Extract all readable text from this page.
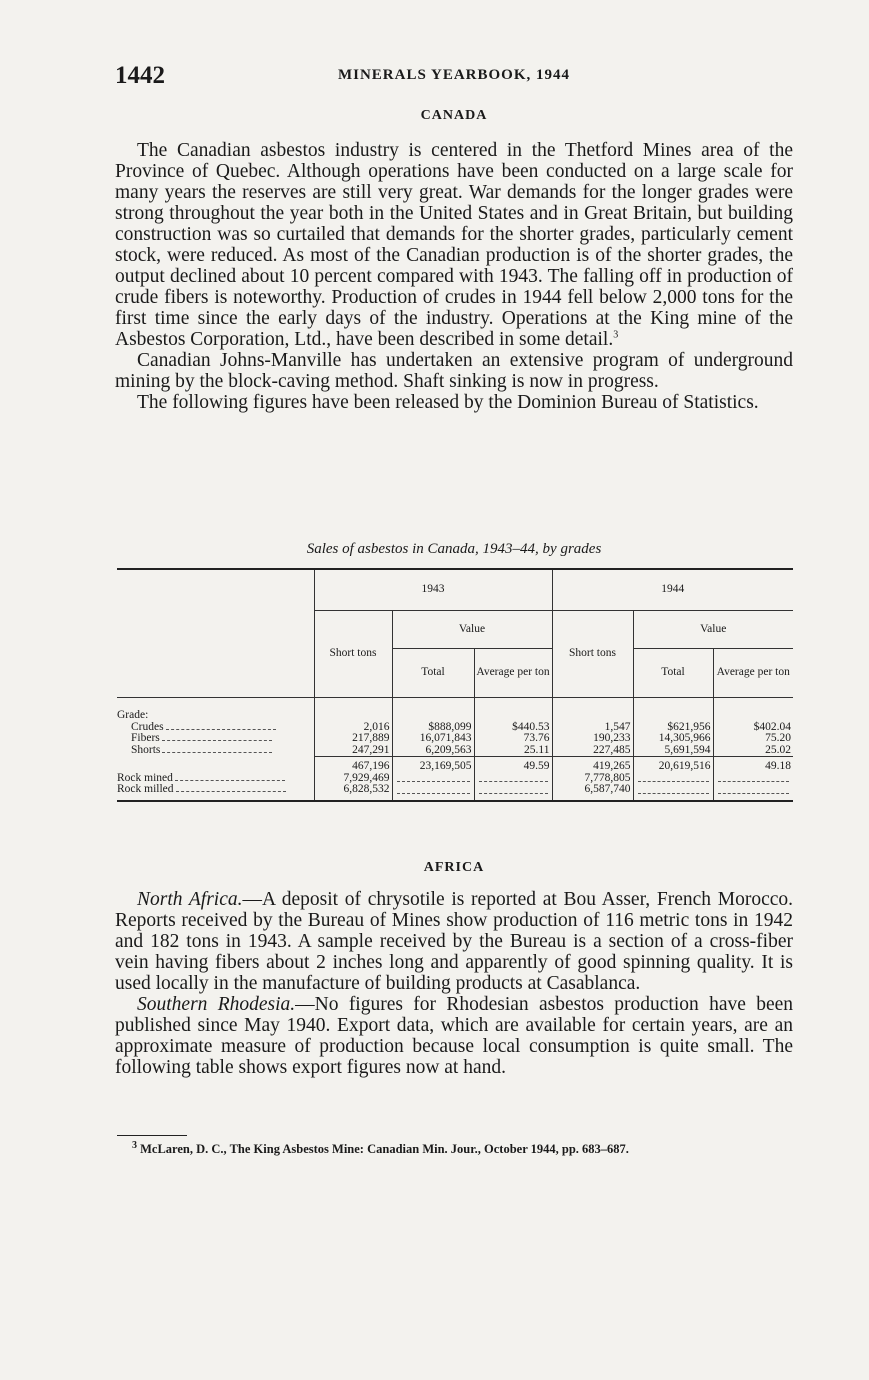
1442	MINERALS YEARBOOK, 1944
CANADA

The Canadian asbestos industry is centered in the Thetford Mines area of the Province of Quebec. Although operations have been conducted on a large scale for many years the reserves are still very great. War demands for the longer grades were strong throughout the year both in the United States and in Great Britain, but building construction was so curtailed that demands for the shorter grades, particularly cement stock, were reduced. As most of the Canadian production is of the shorter grades, the output declined about 10 percent compared with 1943. The falling off in production of crude fibers is noteworthy. Production of crudes in 1944 fell below 2,000 tons for the first time since the early days of the industry. Operations at the King mine of the Asbestos Corporation, Ltd., have been described in some detail.$^3$

Canadian Johns-Manville has undertaken an extensive program of underground mining by the block-caving method. Shaft sinking is now in progress.

The following figures have been released by the Dominion Bureau of Statistics.

Sales of asbestos in Canada, 1943–44, by grades
	1943			1944		
	Short tons	Value		Short tons	Value	
		Total	Average per ton		Total	Average per ton
Grade:						
Crudes	2,016	$888,099	$440.53	1,547	$621,956	$402.04
Fibers	217,889	16,071,843	73.76	190,233	14,305,966	75.20
Shorts	247,291	6,209,563	25.11	227,485	5,691,594	25.02
	467,196	23,169,505	49.59	419,265	20,619,516	49.18
Rock mined	7,929,469			7,778,805	

Rock milled	6,828,532			6,587,740	

AFRICA

North Africa.—A deposit of chrysotile is reported at Bou Asser, French Morocco. Reports received by the Bureau of Mines show production of 116 metric tons in 1942 and 182 tons in 1943. A sample received by the Bureau is a section of a cross-fiber vein having fibers about 2 inches long and apparently of good spinning quality. It is used locally in the manufacture of building products at Casablanca.

Southern Rhodesia.—No figures for Rhodesian asbestos production have been published since May 1940. Export data, which are available for certain years, are an approximate measure of production because local consumption is quite small. The following table shows export figures now at hand.

$^3$ McLaren, D. C., The King Asbestos Mine: Canadian Min. Jour., October 1944, pp. 683–687.
